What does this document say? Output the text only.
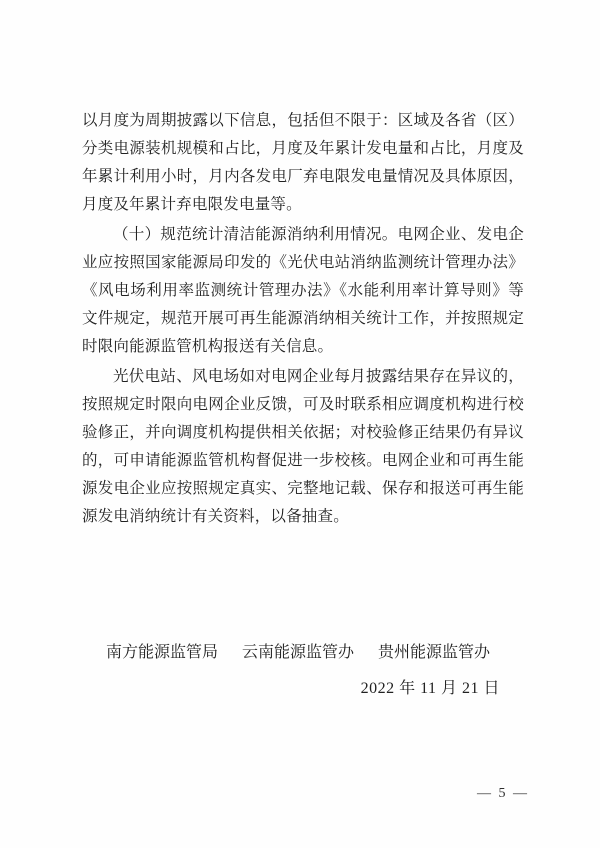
以月度为周期披露以下信息，包括但不限于：区域及各省（区）
分类电源装机规模和占比，月度及年累计发电量和占比，月度及
年累计利用小时，月内各发电厂弃电限发电量情况及具体原因，
月度及年累计弃电限发电量等。
（十）规范统计清洁能源消纳利用情况。电网企业、发电企
业应按照国家能源局印发的《光伏电站消纳监测统计管理办法》
《风电场利用率监测统计管理办法》《水能利用率计算导则》等
文件规定，规范开展可再生能源消纳相关统计工作，并按照规定
时限向能源监管机构报送有关信息。
光伏电站、风电场如对电网企业每月披露结果存在异议的，
按照规定时限向电网企业反馈，可及时联系相应调度机构进行校
验修正，并向调度机构提供相关依据；对校验修正结果仍有异议
的，可申请能源监管机构督促进一步校核。电网企业和可再生能
源发电企业应按照规定真实、完整地记载、保存和报送可再生能
源发电消纳统计有关资料，以备抽查。
南方能源监管局 云南能源监管办 贵州能源监管办
2022 年 11 月 21 日
— 5 —
